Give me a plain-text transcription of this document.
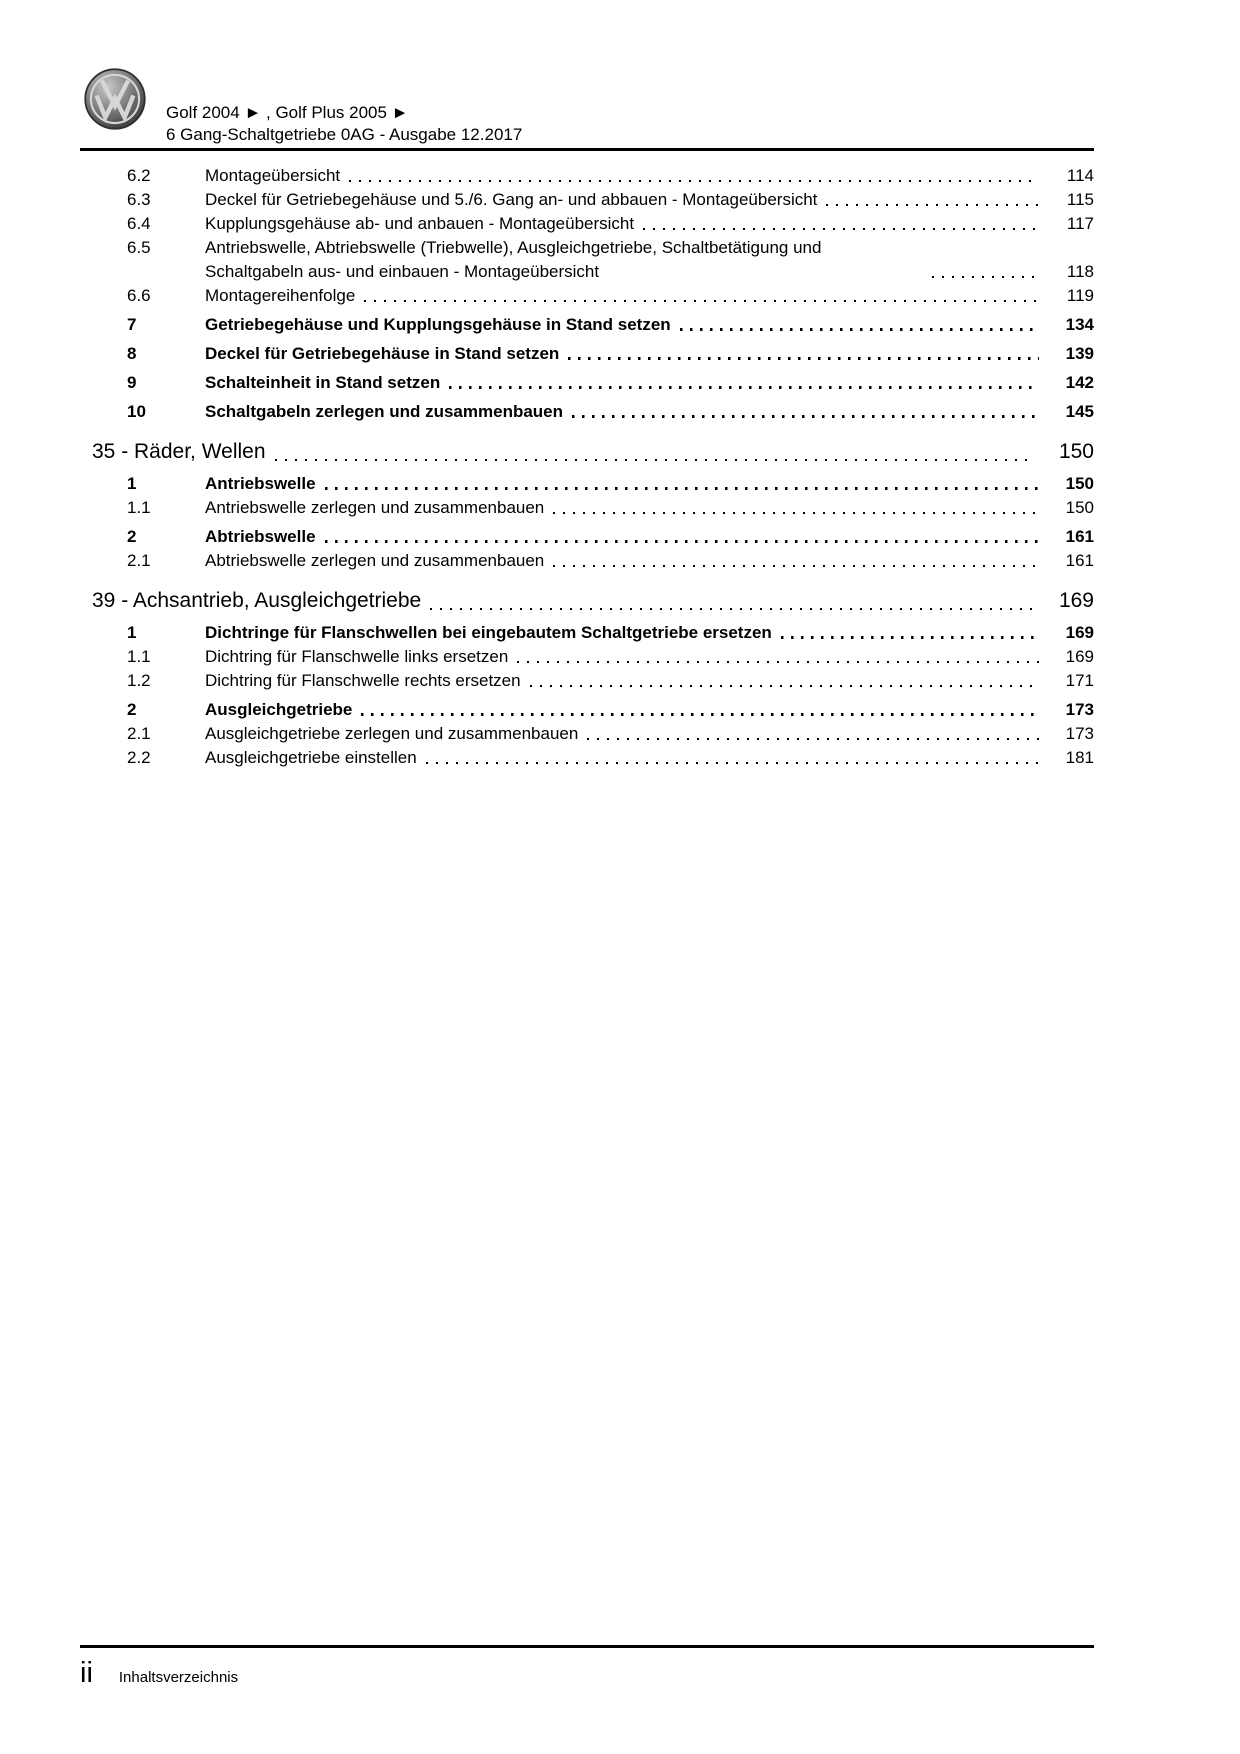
Golf 2004 ► , Golf Plus 2005 ►
6 Gang-Schaltgetriebe 0AG - Ausgabe 12.2017
6.2	Montageübersicht	114
6.3	Deckel für Getriebegehäuse und 5./6. Gang an- und abbauen - Montageübersicht	115
6.4	Kupplungsgehäuse ab- und anbauen - Montageübersicht	117
6.5	Antriebswelle, Abtriebswelle (Triebwelle), Ausgleichgetriebe, Schaltbetätigung und Schaltgabeln aus- und einbauen - Montageübersicht	118
6.6	Montagereihenfolge	119
7	Getriebegehäuse und Kupplungsgehäuse in Stand setzen	134
8	Deckel für Getriebegehäuse in Stand setzen	139
9	Schalteinheit in Stand setzen	142
10	Schaltgabeln zerlegen und zusammenbauen	145
35 - Räder, Wellen	150
1	Antriebswelle	150
1.1	Antriebswelle zerlegen und zusammenbauen	150
2	Abtriebswelle	161
2.1	Abtriebswelle zerlegen und zusammenbauen	161
39 - Achsantrieb, Ausgleichgetriebe	169
1	Dichtringe für Flanschwellen bei eingebautem Schaltgetriebe ersetzen	169
1.1	Dichtring für Flanschwelle links ersetzen	169
1.2	Dichtring für Flanschwelle rechts ersetzen	171
2	Ausgleichgetriebe	173
2.1	Ausgleichgetriebe zerlegen und zusammenbauen	173
2.2	Ausgleichgetriebe einstellen	181
ii Inhaltsverzeichnis
